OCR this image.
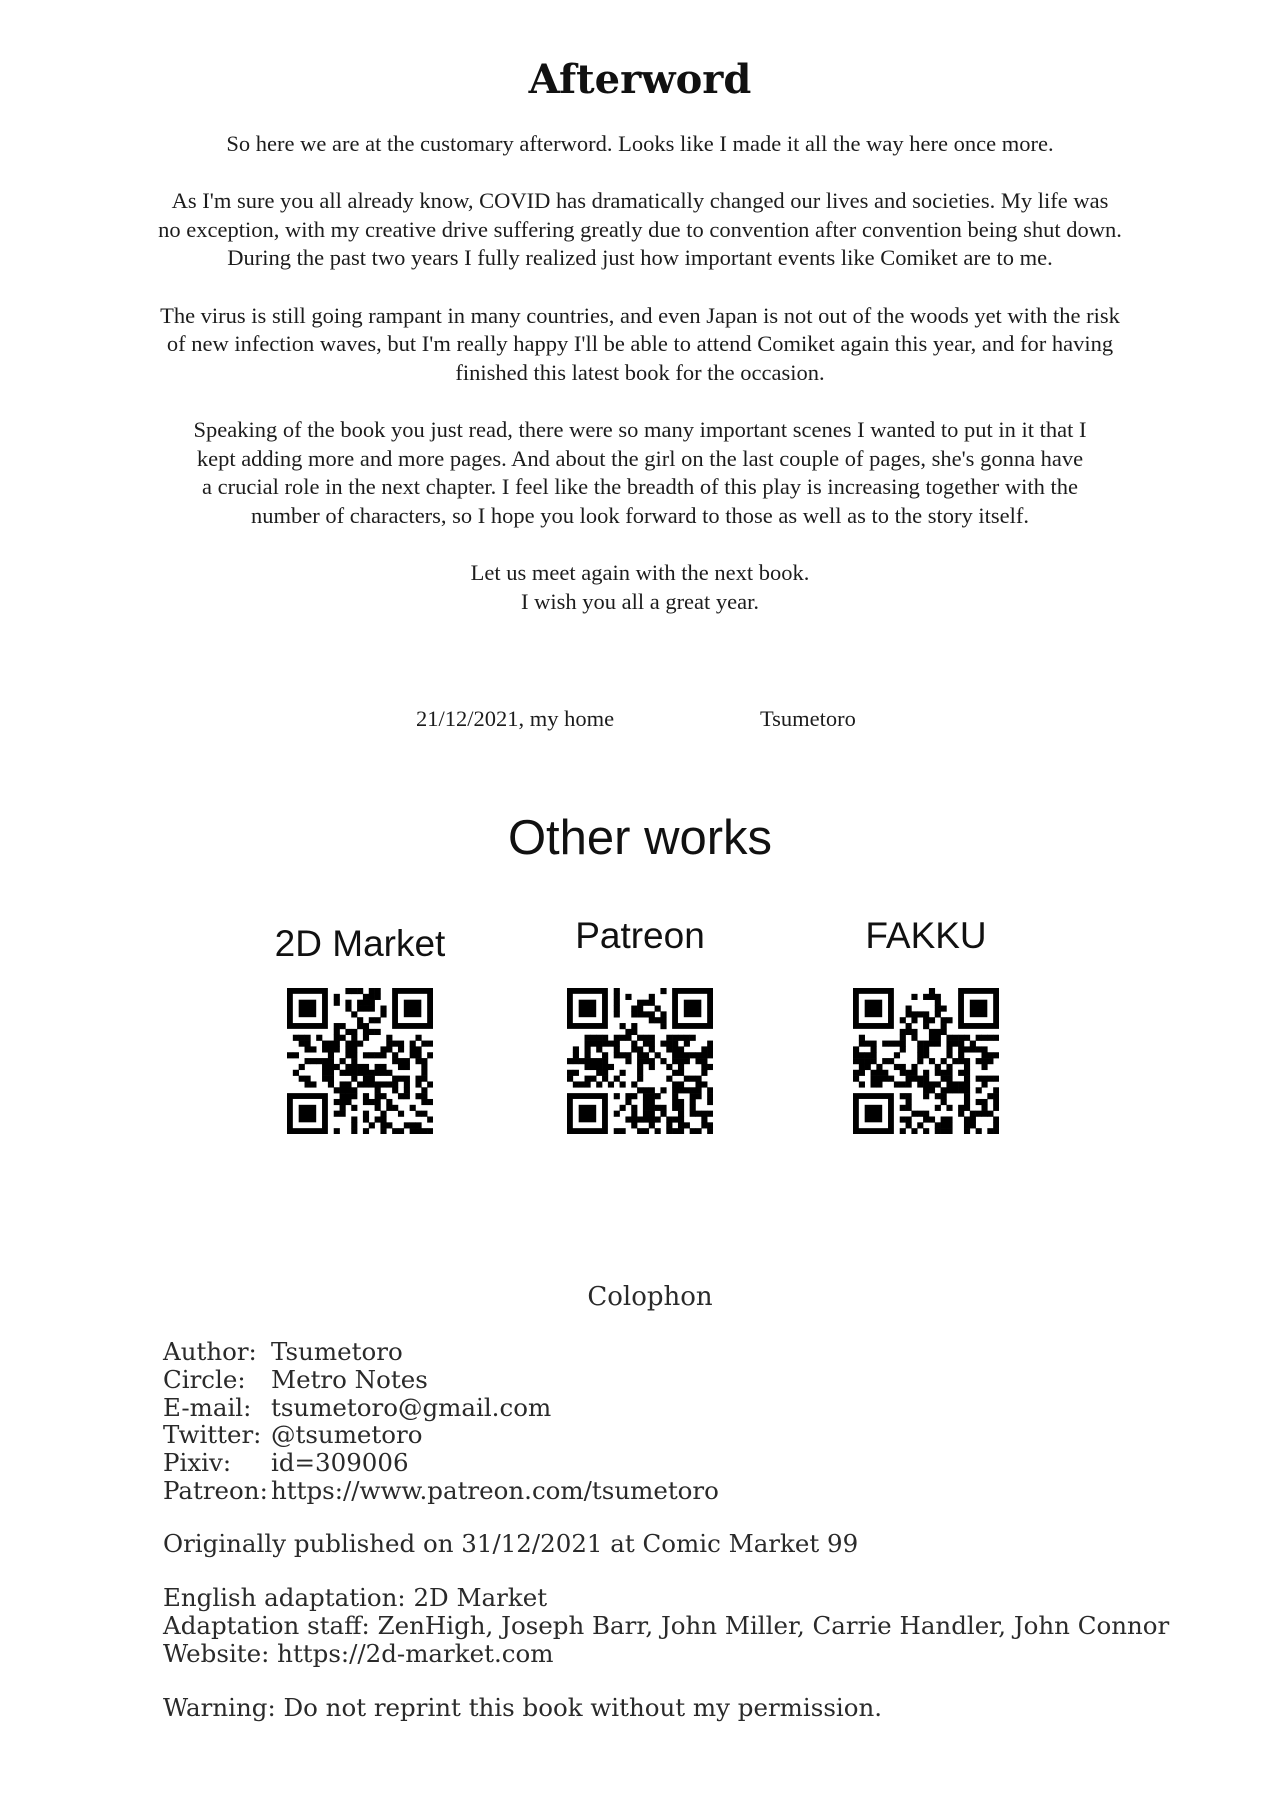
Afterword

So here we are at the customary afterword. Looks like I made it all the way here once more.

As I'm sure you all already know, COVID has dramatically changed our lives and societies. My life was no exception, with my creative drive suffering greatly due to convention after convention being shut down. During the past two years I fully realized just how important events like Comiket are to me.

The virus is still going rampant in many countries, and even Japan is not out of the woods yet with the risk of new infection waves, but I'm really happy I'll be able to attend Comiket again this year, and for having finished this latest book for the occasion.

Speaking of the book you just read, there were so many important scenes I wanted to put in it that I kept adding more and more pages. And about the girl on the last couple of pages, she's gonna have a crucial role in the next chapter. I feel like the breadth of this play is increasing together with the number of characters, so I hope you look forward to those as well as to the story itself.

Let us meet again with the next book.
I wish you all a great year.
21/12/2021, my home	Tsumetoro
Other works
2D Market	Patreon	FAKKU
Colophon
Author: Tsumetoro
Circle:	Metro Notes
E-mail: tsumetoro@gmail.com
Twitter: @tsumetoro
Pixiv:	id=309006
Patreon: https://www.patreon.com/tsumetoro
Originally published on 31/12/2021 at Comic Market 99
English adaptation: 2D Market
Adaptation staff: ZenHigh, Joseph Barr, John Miller, Carrie Handler, John Connor
Website: https://2d-market.com
Warning: Do not reprint this book without my permission.
